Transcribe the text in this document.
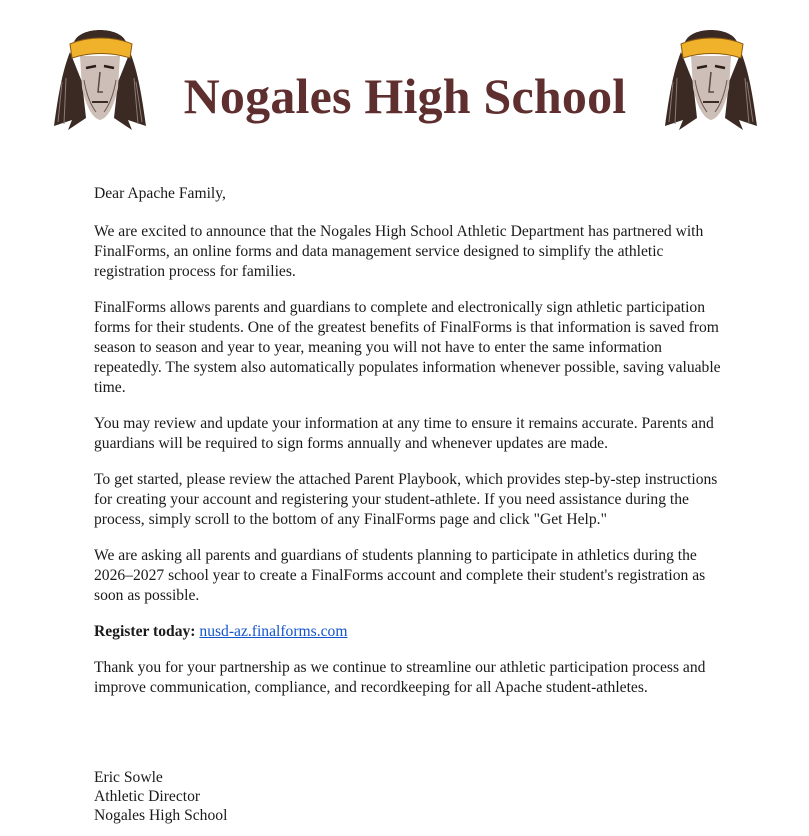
Nogales High School

Dear Apache Family,

We are excited to announce that the Nogales High School Athletic Department has partnered with FinalForms, an online forms and data management service designed to simplify the athletic registration process for families.

FinalForms allows parents and guardians to complete and electronically sign athletic participation forms for their students. One of the greatest benefits of FinalForms is that information is saved from season to season and year to year, meaning you will not have to enter the same information repeatedly. The system also automatically populates information whenever possible, saving valuable time.

You may review and update your information at any time to ensure it remains accurate. Parents and guardians will be required to sign forms annually and whenever updates are made.

To get started, please review the attached Parent Playbook, which provides step-by-step instructions for creating your account and registering your student-athlete. If you need assistance during the process, simply scroll to the bottom of any FinalForms page and click "Get Help."

We are asking all parents and guardians of students planning to participate in athletics during the 2026–2027 school year to create a FinalForms account and complete their student's registration as soon as possible.

Register today: nusd-az.finalforms.com

Thank you for your partnership as we continue to streamline our athletic participation process and improve communication, compliance, and recordkeeping for all Apache student-athletes.

Eric Sowle
Athletic Director
Nogales High School
